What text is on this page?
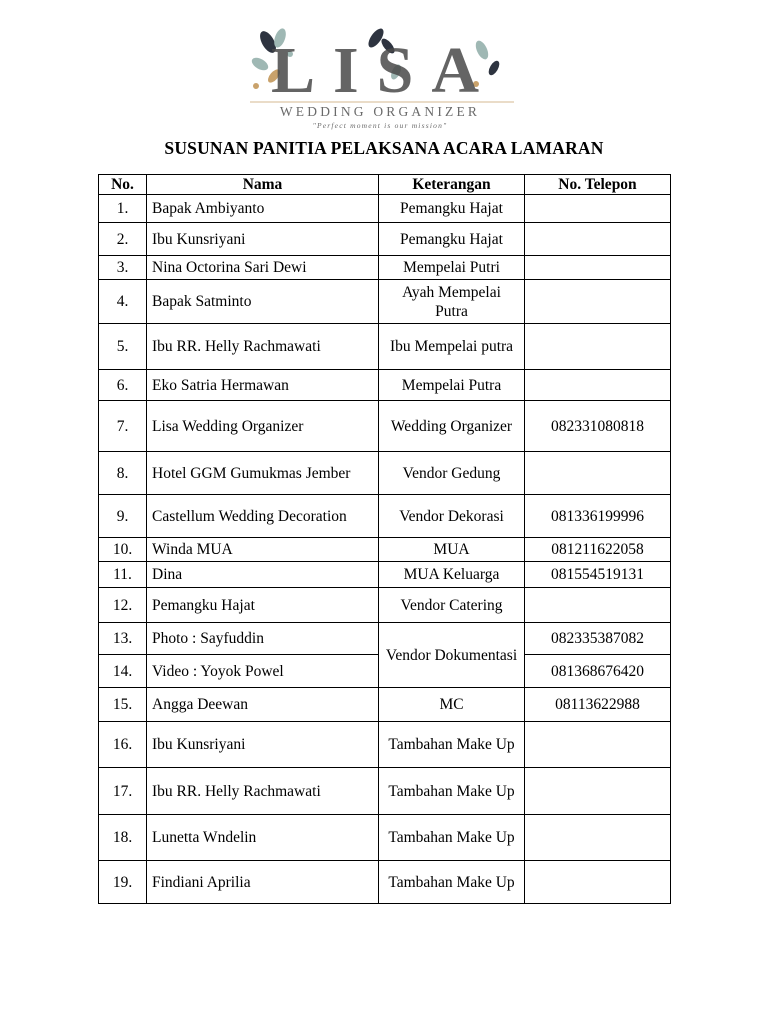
LISA
WEDDING ORGANIZER
"Perfect moment is our mission"
SUSUNAN PANITIA PELAKSANA ACARA LAMARAN
No.	Nama	Keterangan	No. Telepon
1.	Bapak Ambiyanto	Pemangku Hajat	
2.	Ibu Kunsriyani	Pemangku Hajat	
3.	Nina Octorina Sari Dewi	Mempelai Putri	
4.	Bapak Satminto	Ayah Mempelai Putra	
5.	Ibu RR. Helly Rachmawati	Ibu Mempelai putra	
6.	Eko Satria Hermawan	Mempelai Putra	
7.	Lisa Wedding Organizer	Wedding Organizer	082331080818
8.	Hotel GGM Gumukmas Jember	Vendor Gedung	
9.	Castellum Wedding Decoration	Vendor Dekorasi	081336199996
10.	Winda MUA	MUA	081211622058
11.	Dina	MUA Keluarga	081554519131
12.	Pemangku Hajat	Vendor Catering	
13.	Photo : Sayfuddin	Vendor Dokumentasi	082335387082
14.	Video : Yoyok Powel		081368676420
15.	Angga Deewan	MC	08113622988
16.	Ibu Kunsriyani	Tambahan Make Up	
17.	Ibu RR. Helly Rachmawati	Tambahan Make Up	
18.	Lunetta Wndelin	Tambahan Make Up	
19.	Findiani Aprilia	Tambahan Make Up	
